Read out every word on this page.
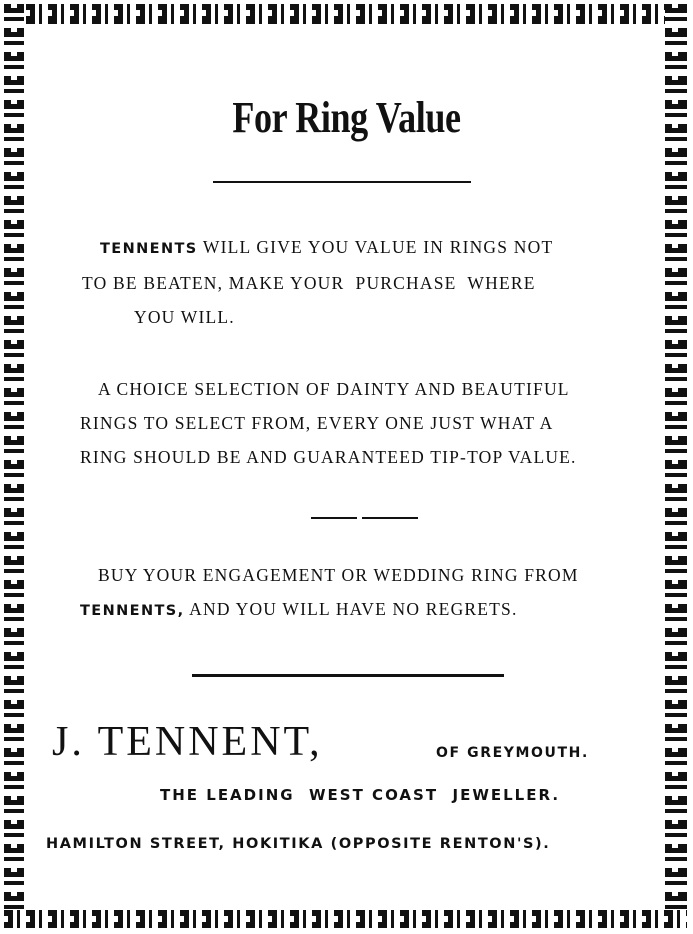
For Ring Value
TENNENTS WILL GIVE YOU VALUE IN RINGS NOT
TO BE BEATEN, MAKE YOUR  PURCHASE  WHERE
YOU WILL.
A CHOICE SELECTION OF DAINTY AND BEAUTIFUL
RINGS TO SELECT FROM, EVERY ONE JUST WHAT A
RING SHOULD BE AND GUARANTEED TIP-TOP VALUE.
BUY YOUR ENGAGEMENT OR WEDDING RING FROM
TENNENTS, AND YOU WILL HAVE NO REGRETS.
J. TENNENT,	OF GREYMOUTH.
THE LEADING  WEST COAST  JEWELLER.
HAMILTON STREET, HOKITIKA (OPPOSITE RENTON'S).
